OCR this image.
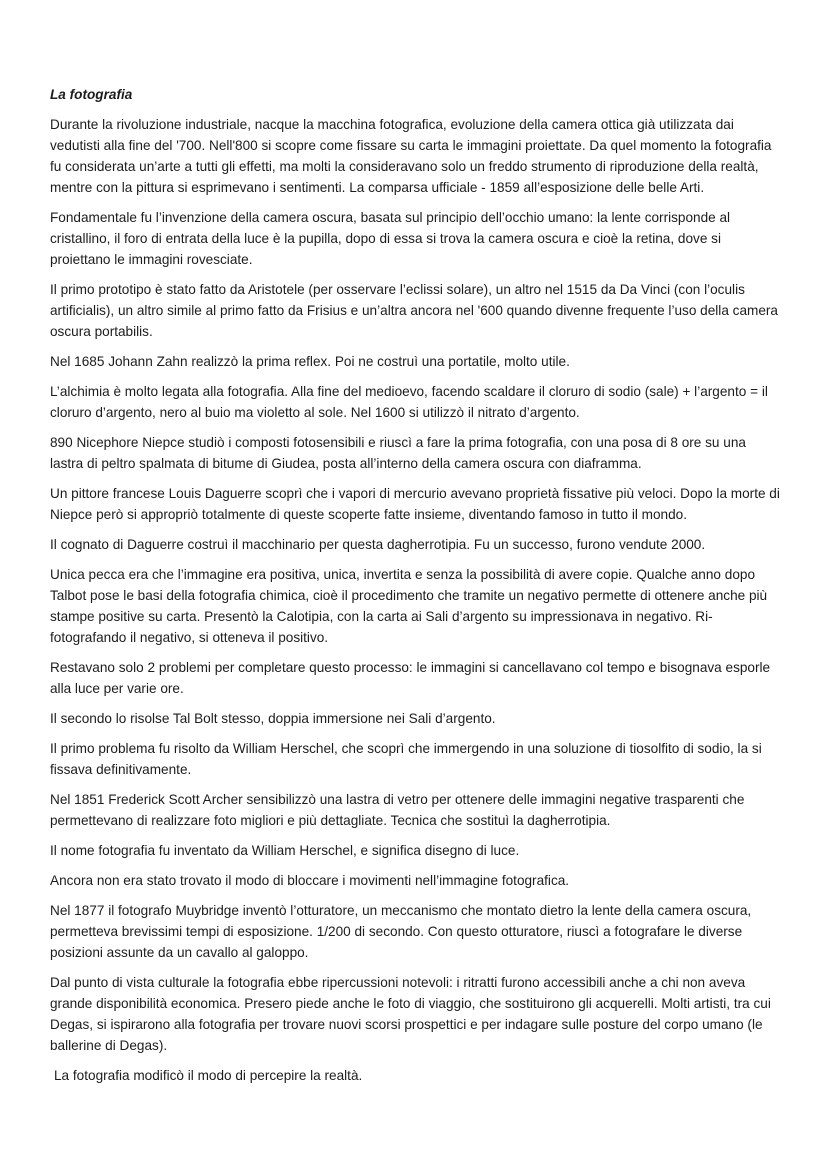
La fotografia

Durante la rivoluzione industriale, nacque la macchina fotografica, evoluzione della camera ottica già utilizzata dai vedutisti alla fine del '700. Nell'800 si scopre come fissare su carta le immagini proiettate. Da quel momento la fotografia fu considerata un’arte a tutti gli effetti, ma molti la consideravano solo un freddo strumento di riproduzione della realtà, mentre con la pittura si esprimevano i sentimenti. La comparsa ufficiale - 1859 all’esposizione delle belle Arti.

Fondamentale fu l’invenzione della camera oscura, basata sul principio dell’occhio umano: la lente corrisponde al cristallino, il foro di entrata della luce è la pupilla, dopo di essa si trova la camera oscura e cioè la retina, dove si proiettano le immagini rovesciate.

Il primo prototipo è stato fatto da Aristotele (per osservare l’eclissi solare), un altro nel 1515 da Da Vinci (con l’oculis artificialis), un altro simile al primo fatto da Frisius e un’altra ancora nel '600 quando divenne frequente l’uso della camera oscura portabilis.

Nel 1685 Johann Zahn realizzò la prima reflex. Poi ne costruì una portatile, molto utile.

L’alchimia è molto legata alla fotografia. Alla fine del medioevo, facendo scaldare il cloruro di sodio (sale) + l’argento = il cloruro d’argento, nero al buio ma violetto al sole. Nel 1600 si utilizzò il nitrato d’argento.

890 Nicephore Niepce studiò i composti fotosensibili e riuscì a fare la prima fotografia, con una posa di 8 ore su una lastra di peltro spalmata di bitume di Giudea, posta all’interno della camera oscura con diaframma.

Un pittore francese Louis Daguerre scoprì che i vapori di mercurio avevano proprietà fissative più veloci. Dopo la morte di Niepce però si appropriò totalmente di queste scoperte fatte insieme, diventando famoso in tutto il mondo.

Il cognato di Daguerre costruì il macchinario per questa dagherrotipia. Fu un successo, furono vendute 2000.

Unica pecca era che l’immagine era positiva, unica, invertita e senza la possibilità di avere copie. Qualche anno dopo Talbot pose le basi della fotografia chimica, cioè il procedimento che tramite un negativo permette di ottenere anche più stampe positive su carta. Presentò la Calotipia, con la carta ai Sali d’argento su impressionava in negativo. Ri-fotografando il negativo, si otteneva il positivo.

Restavano solo 2 problemi per completare questo processo: le immagini si cancellavano col tempo e bisognava esporle alla luce per varie ore.

Il secondo lo risolse Tal Bolt stesso, doppia immersione nei Sali d’argento.

Il primo problema fu risolto da William Herschel, che scoprì che immergendo in una soluzione di tiosolfito di sodio, la si fissava definitivamente.

Nel 1851 Frederick Scott Archer sensibilizzò una lastra di vetro per ottenere delle immagini negative trasparenti che permettevano di realizzare foto migliori e più dettagliate. Tecnica che sostituì la dagherrotipia.

Il nome fotografia fu inventato da William Herschel, e significa disegno di luce.

Ancora non era stato trovato il modo di bloccare i movimenti nell’immagine fotografica.

Nel 1877 il fotografo Muybridge inventò l’otturatore, un meccanismo che montato dietro la lente della camera oscura, permetteva brevissimi tempi di esposizione. 1/200 di secondo. Con questo otturatore, riuscì a fotografare le diverse posizioni assunte da un cavallo al galoppo.

Dal punto di vista culturale la fotografia ebbe ripercussioni notevoli: i ritratti furono accessibili anche a chi non aveva grande disponibilità economica. Presero piede anche le foto di viaggio, che sostituirono gli acquerelli. Molti artisti, tra cui Degas, si ispirarono alla fotografia per trovare nuovi scorsi prospettici e per indagare sulle posture del corpo umano (le ballerine di Degas).

La fotografia modificò il modo di percepire la realtà.
